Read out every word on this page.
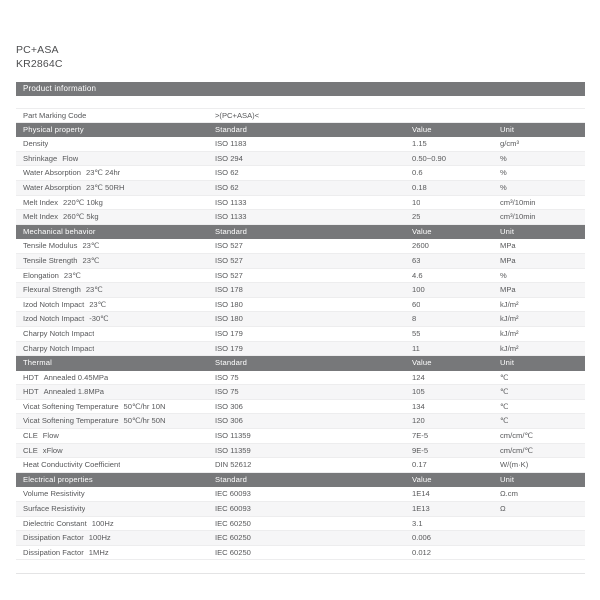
PC+ASA
KR2864C
Product information
Part Marking Code	>(PC+ASA)<
Physical property	Standard	Value	Unit
Density	ISO 1183	1.15	g/cm³
Shrinkage Flow	ISO 294	0.50~0.90	%
Water Absorption 23℃ 24hr	ISO 62	0.6	%
Water Absorption 23℃ 50RH	ISO 62	0.18	%
Melt Index 220℃ 10kg	ISO 1133	10	cm³/10min
Melt Index 260℃ 5kg	ISO 1133	25	cm³/10min
Mechanical behavior	Standard	Value	Unit
Tensile Modulus 23℃	ISO 527	2600	MPa
Tensile Strength 23℃	ISO 527	63	MPa
Elongation 23℃	ISO 527	4.6	%
Flexural Strength 23℃	ISO 178	100	MPa
Izod Notch Impact 23℃	ISO 180	60	kJ/m²
Izod Notch Impact -30℃	ISO 180	8	kJ/m²
Charpy Notch Impact	ISO 179	55	kJ/m²
Charpy Notch Impact	ISO 179	11	kJ/m²
Thermal	Standard	Value	Unit
HDT Annealed 0.45MPa	ISO 75	124	℃
HDT Annealed 1.8MPa	ISO 75	105	℃
Vicat Softening Temperature 50℃/hr 10N	ISO 306	134	℃
Vicat Softening Temperature 50℃/hr 50N	ISO 306	120	℃
CLE Flow	ISO 11359	7E-5	cm/cm/℃
CLE xFlow	ISO 11359	9E-5	cm/cm/℃
Heat Conductivity Coefficient	DIN 52612	0.17	W/(m·K)
Electrical properties	Standard	Value	Unit
Volume Resistivity	IEC 60093	1E14	Ω.cm
Surface Resistivity	IEC 60093	1E13	Ω
Dielectric Constant 100Hz	IEC 60250	3.1
Dissipation Factor 100Hz	IEC 60250	0.006
Dissipation Factor 1MHz	IEC 60250	0.012
